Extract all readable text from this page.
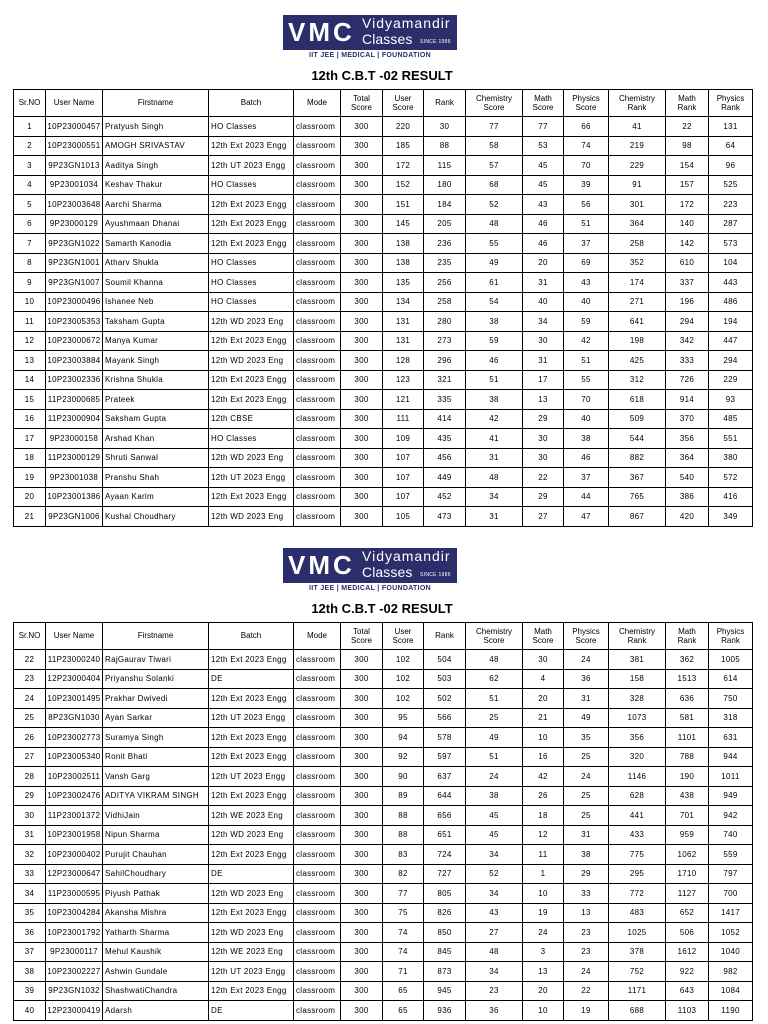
VMC Vidyamandir
Classes SINCE 1986
IIT JEE | MEDICAL | FOUNDATION
12th C.B.T -02 RESULT
Sr.NO	User Name	Firstname	Batch	Mode	Total Score	User Score	Rank	Chemistry Score	Math Score	Physics Score	Chemistry Rank	Math Rank	Physics Rank
1	10P23000457	Pratyush Singh	HO Classes	classroom	300	220	30	77	77	66	41	22	131
2	10P23000551	AMOGH SRIVASTAV	12th Ext 2023 Engg	classroom	300	185	88	58	53	74	219	98	64
3	9P23GN1013	Aaditya Singh	12th UT 2023 Engg	classroom	300	172	115	57	45	70	229	154	96
4	9P23001034	Keshav Thakur	HO Classes	classroom	300	152	180	68	45	39	91	157	525
5	10P23003648	Aarchi Sharma	12th Ext 2023 Engg	classroom	300	151	184	52	43	56	301	172	223
6	9P23000129	Ayushmaan Dhanai	12th Ext 2023 Engg	classroom	300	145	205	48	46	51	364	140	287
7	9P23GN1022	Samarth Kanodia	12th Ext 2023 Engg	classroom	300	138	236	55	46	37	258	142	573
8	9P23GN1001	Atharv Shukla	HO Classes	classroom	300	138	235	49	20	69	352	610	104
9	9P23GN1007	Soumil Khanna	HO Classes	classroom	300	135	256	61	31	43	174	337	443
10	10P23000496	Ishanee Neb	HO Classes	classroom	300	134	258	54	40	40	271	196	486
11	10P23005353	Taksham Gupta	12th WD 2023 Eng	classroom	300	131	280	38	34	59	641	294	194
12	10P23000672	Manya Kumar	12th Ext 2023 Engg	classroom	300	131	273	59	30	42	198	342	447
13	10P23003884	Mayank Singh	12th WD 2023 Eng	classroom	300	128	296	46	31	51	425	333	294
14	10P23002336	Krishna Shukla	12th Ext 2023 Engg	classroom	300	123	321	51	17	55	312	726	229
15	11P23000685	Prateek	12th Ext 2023 Engg	classroom	300	121	335	38	13	70	618	914	93
16	11P23000904	Saksham Gupta	12th CBSE	classroom	300	111	414	42	29	40	509	370	485
17	9P23000158	Arshad Khan	HO Classes	classroom	300	109	435	41	30	38	544	356	551
18	11P23000129	Shruti Sanwal	12th WD 2023 Eng	classroom	300	107	456	31	30	46	882	364	380
19	9P23001038	Pranshu Shah	12th UT 2023 Engg	classroom	300	107	449	48	22	37	367	540	572
20	10P23001386	Ayaan Karim	12th Ext 2023 Engg	classroom	300	107	452	34	29	44	765	386	416
21	9P23GN1006	Kushal Choudhary	12th WD 2023 Eng	classroom	300	105	473	31	27	47	867	420	349
VMC Vidyamandir
Classes SINCE 1986
IIT JEE | MEDICAL | FOUNDATION
12th C.B.T -02 RESULT
Sr.NO	User Name	Firstname	Batch	Mode	Total Score	User Score	Rank	Chemistry Score	Math Score	Physics Score	Chemistry Rank	Math Rank	Physics Rank
22	11P23000240	RajGaurav Tiwari	12th Ext 2023 Engg	classroom	300	102	504	48	30	24	381	362	1005
23	12P23000404	Priyanshu Solanki	DE	classroom	300	102	503	62	4	36	158	1513	614
24	10P23001495	Prakhar Dwivedi	12th Ext 2023 Engg	classroom	300	102	502	51	20	31	328	636	750
25	8P23GN1030	Ayan Sarkar	12th UT 2023 Engg	classroom	300	95	566	25	21	49	1073	581	318
26	10P23002773	Suramya Singh	12th Ext 2023 Engg	classroom	300	94	578	49	10	35	356	1101	631
27	10P23005340	Ronit Bhati	12th Ext 2023 Engg	classroom	300	92	597	51	16	25	320	788	944
28	10P23002511	Vansh Garg	12th UT 2023 Engg	classroom	300	90	637	24	42	24	1146	190	1011
29	10P23002476	ADITYA VIKRAM SINGH	12th Ext 2023 Engg	classroom	300	89	644	38	26	25	628	438	949
30	11P23001372	VidhiJain	12th WE 2023 Eng	classroom	300	88	656	45	18	25	441	701	942
31	10P23001958	Nipun Sharma	12th WD 2023 Eng	classroom	300	88	651	45	12	31	433	959	740
32	10P23000402	Purujit Chauhan	12th Ext 2023 Engg	classroom	300	83	724	34	11	38	775	1062	559
33	12P23000647	SahilChoudhary	DE	classroom	300	82	727	52	1	29	295	1710	797
34	11P23000595	Piyush Pathak	12th WD 2023 Eng	classroom	300	77	805	34	10	33	772	1127	700
35	10P23004284	Akansha Mishra	12th Ext 2023 Engg	classroom	300	75	826	43	19	13	483	652	1417
36	10P23001792	Yatharth Sharma	12th WD 2023 Eng	classroom	300	74	850	27	24	23	1025	506	1052
37	9P23000117	Mehul Kaushik	12th WE 2023 Eng	classroom	300	74	845	48	3	23	378	1612	1040
38	10P23002227	Ashwin Gundale	12th UT 2023 Engg	classroom	300	71	873	34	13	24	752	922	982
39	9P23GN1032	ShashwatiChandra	12th Ext 2023 Engg	classroom	300	65	945	23	20	22	1171	643	1084
40	12P23000419	Adarsh	DE	classroom	300	65	936	36	10	19	688	1103	1190
